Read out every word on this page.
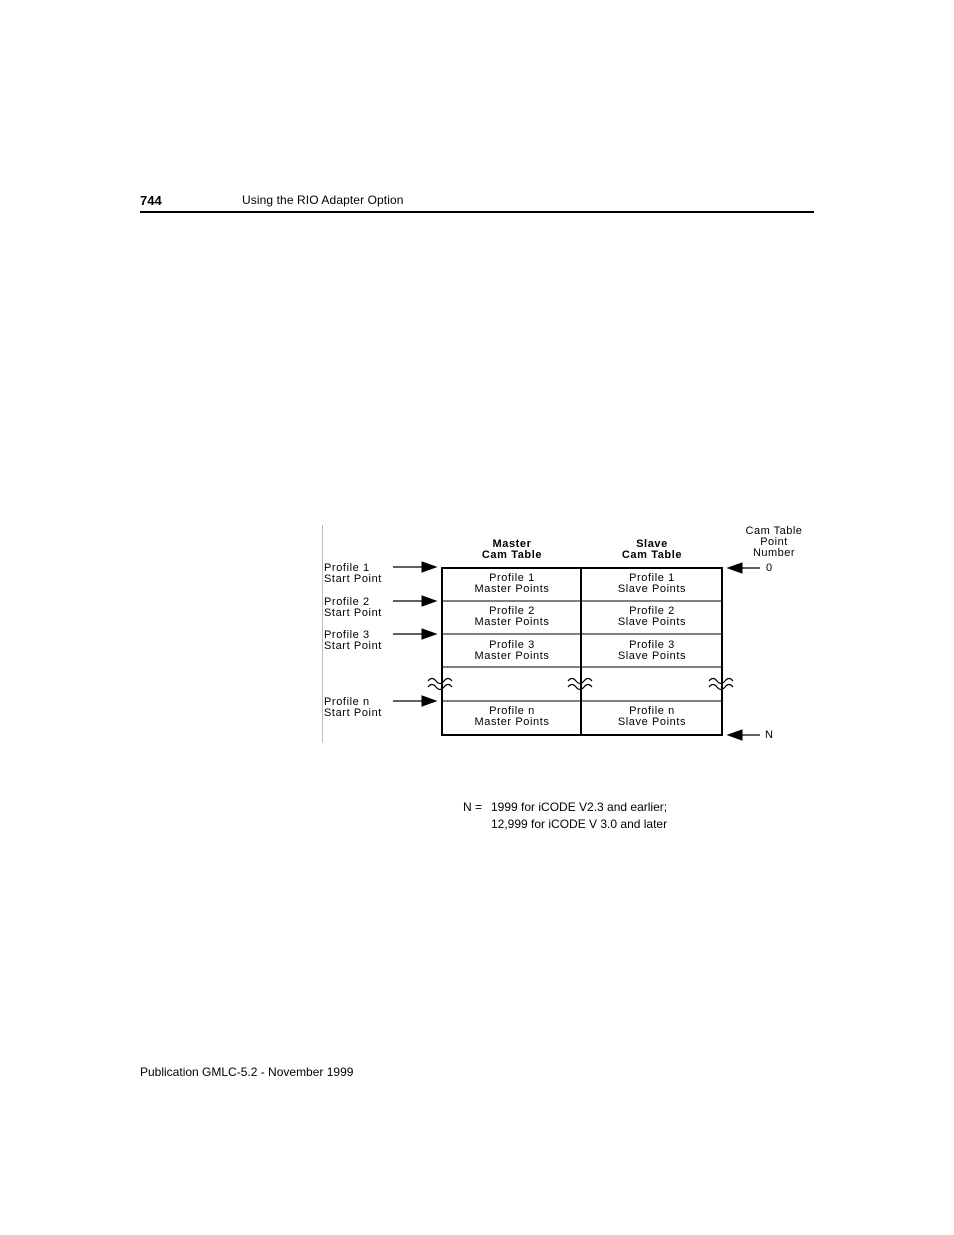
744	Using the RIO Adapter Option
Master
Cam Table
Slave
Cam Table
Cam Table
Point
Number
Profile 1
Start Point
Profile 2
Start Point
Profile 3
Start Point
Profile n
Start Point
Profile 1
Master Points
Profile 2
Master Points
Profile 3
Master Points
Profile n
Master Points
Profile 1
Slave Points
Profile 2
Slave Points
Profile 3
Slave Points
Profile n
Slave Points
0
N
N = 1999 for iCODE V2.3 and earlier;
12,999 for iCODE V 3.0 and later
Publication GMLC-5.2 - November 1999
